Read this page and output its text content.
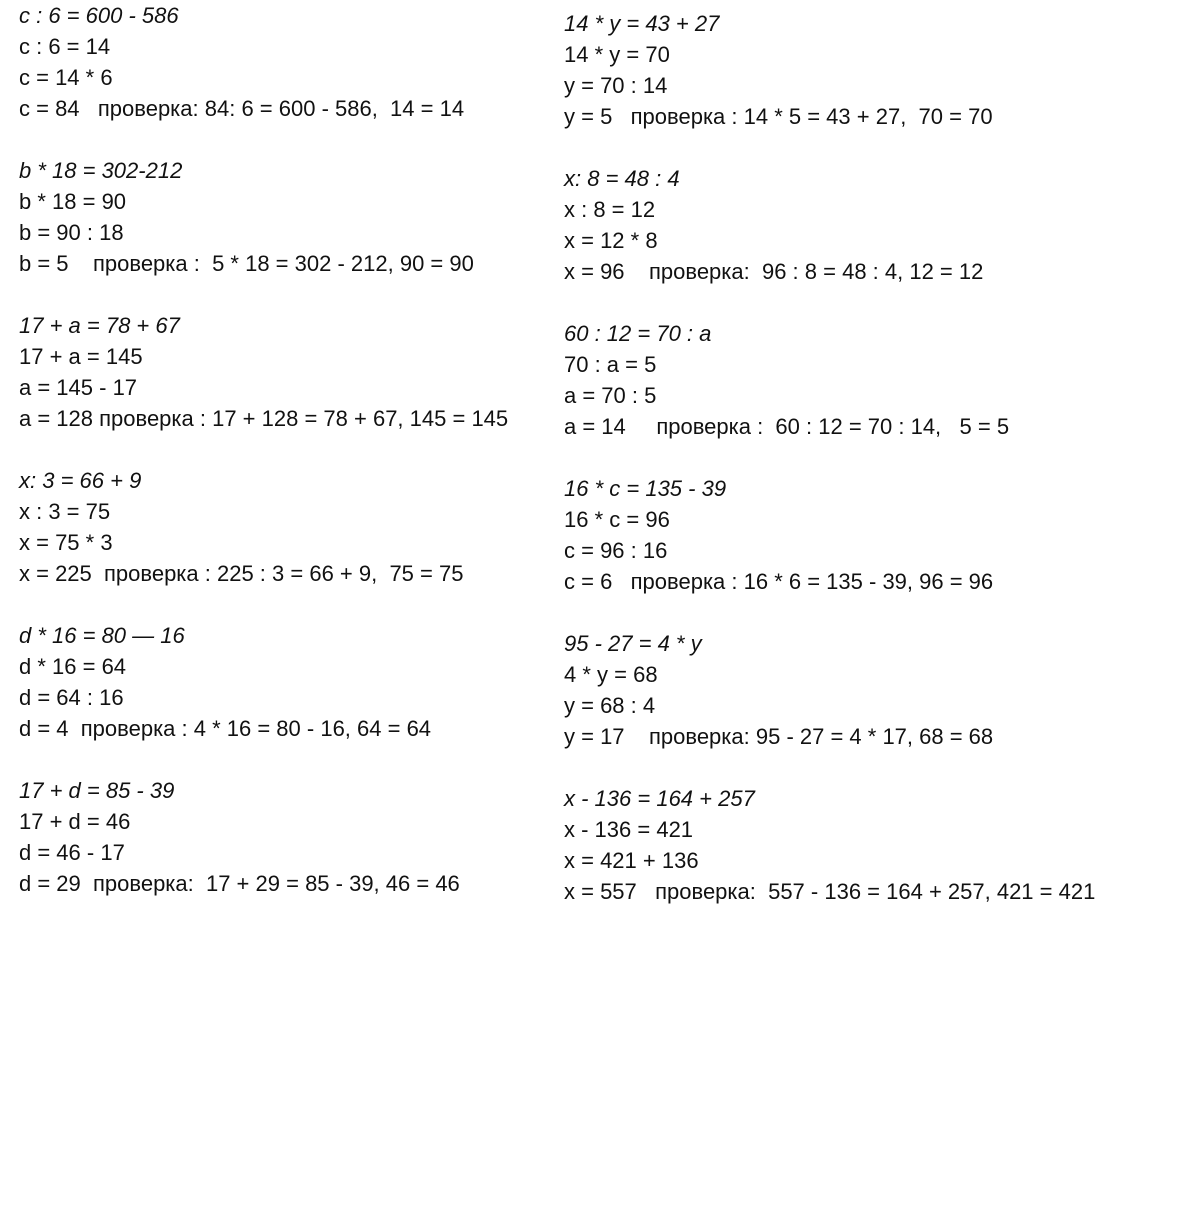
c : 6 = 600 - 586
c : 6 = 14
c = 14 * 6
c = 84   проверка: 84: 6 = 600 - 586,  14 = 14
b * 18 = 302-212
b * 18 = 90
b = 90 : 18
b = 5    проверка :  5 * 18 = 302 - 212, 90 = 90
17 + a = 78 + 67
17 + a = 145
a = 145 - 17
a = 128 проверка : 17 + 128 = 78 + 67, 145 = 145
x: 3 = 66 + 9
x : 3 = 75
x = 75 * 3
x = 225  проверка : 225 : 3 = 66 + 9,  75 = 75
d * 16 = 80 — 16
d * 16 = 64
d = 64 : 16
d = 4  проверка : 4 * 16 = 80 - 16, 64 = 64
17 + d = 85 - 39
17 + d = 46
d = 46 - 17
d = 29  проверка:  17 + 29 = 85 - 39, 46 = 46
14 * y = 43 + 27
14 * y = 70
y = 70 : 14
y = 5   проверка : 14 * 5 = 43 + 27,  70 = 70
x: 8 = 48 : 4
x : 8 = 12
x = 12 * 8
x = 96    проверка:  96 : 8 = 48 : 4, 12 = 12
60 : 12 = 70 : a
70 : a = 5
a = 70 : 5
a = 14     проверка :  60 : 12 = 70 : 14,   5 = 5
16 * c = 135 - 39
16 * c = 96
c = 96 : 16
c = 6   проверка : 16 * 6 = 135 - 39, 96 = 96
95 - 27 = 4 * y
4 * y = 68
y = 68 : 4
y = 17    проверка: 95 - 27 = 4 * 17, 68 = 68
x - 136 = 164 + 257
x - 136 = 421
x = 421 + 136
x = 557   проверка:  557 - 136 = 164 + 257, 421 = 421
